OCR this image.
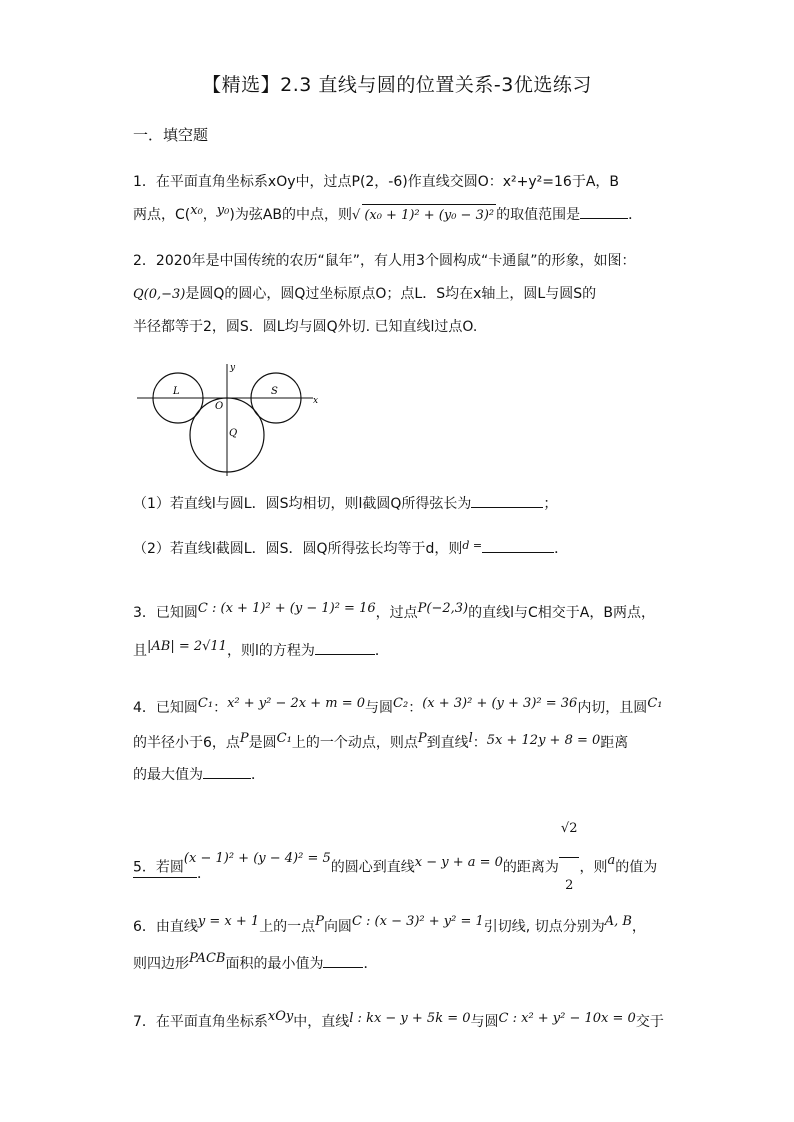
【精选】2.3 直线与圆的位置关系-3优选练习
一．填空题
1．在平面直角坐标系xOy中，过点P(2，-6)作直线交圆O：x²+y²=16于A，B
两点，C(x₀，y₀)为弦AB的中点，则√ (x₀ + 1)² + (y₀ − 3)² 的取值范围是	．
2．2020年是中国传统的农历“鼠年”，有人用3个圆构成“卡通鼠”的形象，如图：
Q(0,−3)是圆Q的圆心，圆Q过坐标原点O；点L．S均在x轴上，圆L与圆S的
半径都等于2，圆S．圆L均与圆Q外切. 已知直线l过点O.
L	S
O
Q
x
y
（1）若直线l与圆L．圆S均相切，则l截圆Q所得弦长为	；
（2）若直线l截圆L．圆S．圆Q所得弦长均等于d，则$^{d =}$	．
3．已知圆C : (x + 1)² + (y − 1)² = 16，过点P(−2,3)的直线l与C相交于A，B两点，
且|AB| = 2√11，则l的方程为	．
4．已知圆C₁：x² + y² − 2x + m = 0与圆C₂：(x + 3)² + (y + 3)² = 36内切，且圆C₁
的半径小于6，点P是圆C₁上的一个动点，则点P到直线l：5x + 12y + 8 = 0距离
的最大值为	．
5．若圆(x − 1)² + (y − 4)² = 5的圆心到直线x − y + a = 0的距离为 $\frac{√2}{2}$ ，则a的值为
．
6．由直线y = x + 1上的一点P向圆C : (x − 3)² + y² = 1引切线, 切点分别为A, B，
则四边形PACB面积的最小值为	．
7．在平面直角坐标系xOy中，直线l : kx − y + 5k = 0与圆C : x² + y² − 10x = 0交于
